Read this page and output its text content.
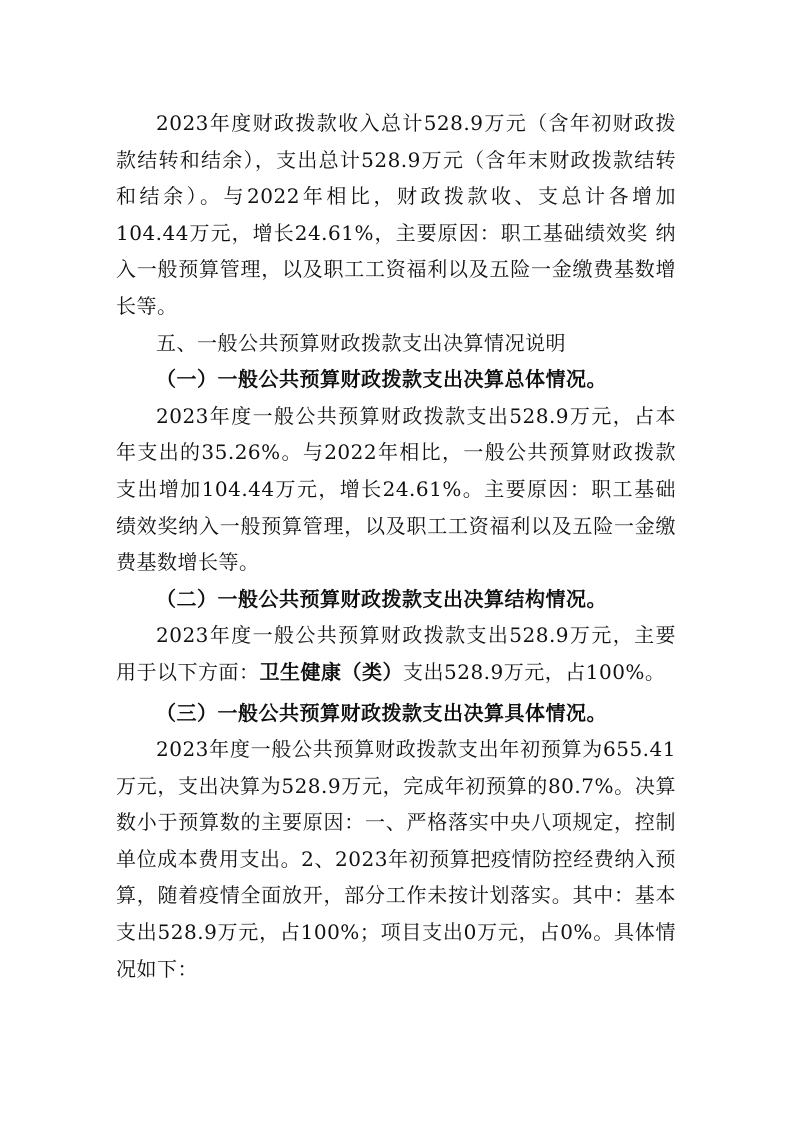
2023年度财政拨款收入总计528.9万元（含年初财政拨款结转和结余），支出总计528.9万元（含年末财政拨款结转和结余）。与2022年相比，财政拨款收、支总计各增加104.44万元，增长24.61%，主要原因：职工基础绩效奖 纳入一般预算管理，以及职工工资福利以及五险一金缴费基数增长等。

五、一般公共预算财政拨款支出决算情况说明

（一）一般公共预算财政拨款支出决算总体情况。

2023年度一般公共预算财政拨款支出528.9万元，占本年支出的35.26%。与2022年相比，一般公共预算财政拨款支出增加104.44万元，增长24.61%。主要原因：职工基础绩效奖纳入一般预算管理，以及职工工资福利以及五险一金缴费基数增长等。

（二）一般公共预算财政拨款支出决算结构情况。

2023年度一般公共预算财政拨款支出528.9万元，主要用于以下方面：卫生健康（类）支出528.9万元，占100%。

（三）一般公共预算财政拨款支出决算具体情况。

2023年度一般公共预算财政拨款支出年初预算为655.41万元，支出决算为528.9万元，完成年初预算的80.7%。决算数小于预算数的主要原因：一、严格落实中央八项规定，控制单位成本费用支出。2、2023年初预算把疫情防控经费纳入预算，随着疫情全面放开，部分工作未按计划落实。其中：基本支出528.9万元，占100%；项目支出0万元，占0%。具体情况如下：
